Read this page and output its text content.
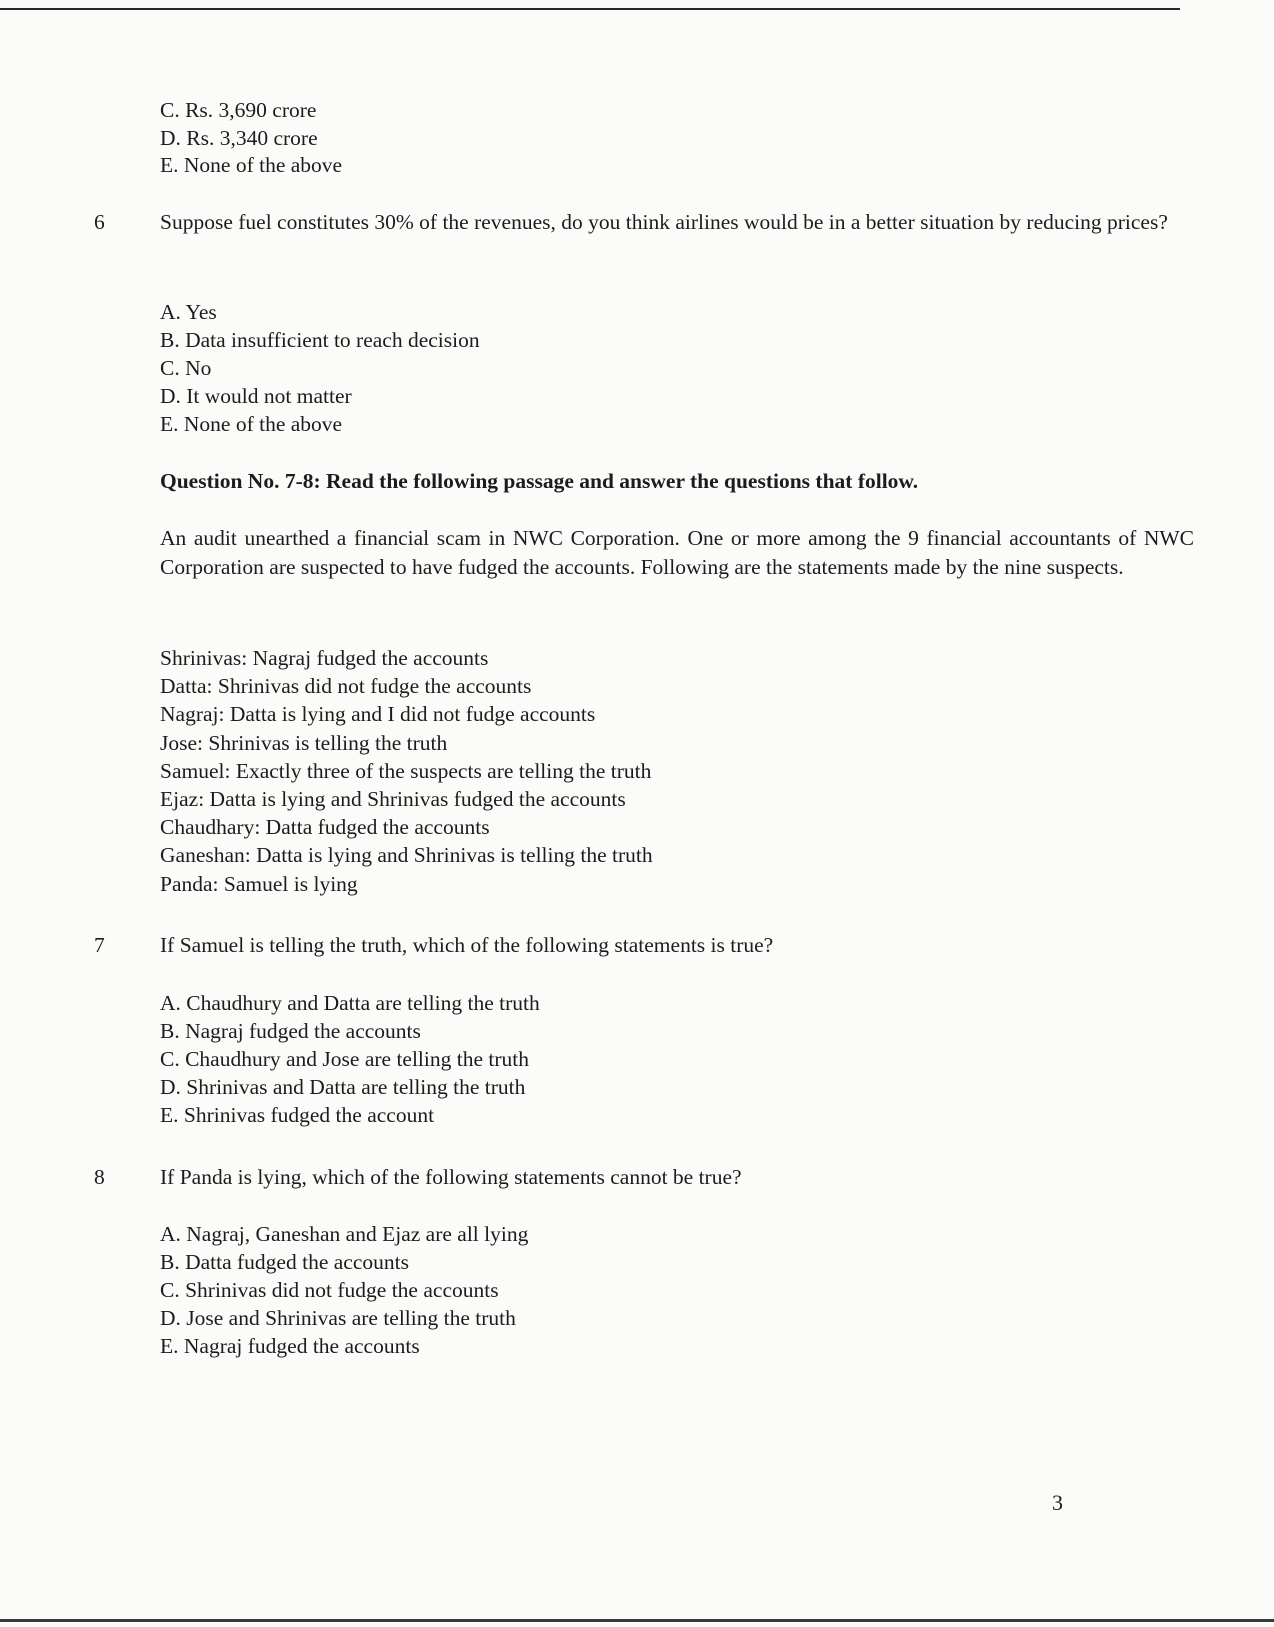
C. Rs. 3,690 crore
D. Rs. 3,340 crore
E. None of the above
6	Suppose fuel constitutes 30% of the revenues, do you think airlines would be in a better situation by reducing prices?
A. Yes
B. Data insufficient to reach decision
C. No
D. It would not matter
E. None of the above
Question No. 7-8: Read the following passage and answer the questions that follow.
An audit unearthed a financial scam in NWC Corporation. One or more among the 9 financial accountants of NWC Corporation are suspected to have fudged the accounts. Following are the statements made by the nine suspects.
Shrinivas: Nagraj fudged the accounts
Datta: Shrinivas did not fudge the accounts
Nagraj: Datta is lying and I did not fudge accounts
Jose: Shrinivas is telling the truth
Samuel: Exactly three of the suspects are telling the truth
Ejaz: Datta is lying and Shrinivas fudged the accounts
Chaudhary: Datta fudged the accounts
Ganeshan: Datta is lying and Shrinivas is telling the truth
Panda: Samuel is lying
7	If Samuel is telling the truth, which of the following statements is true?
A. Chaudhury and Datta are telling the truth
B. Nagraj fudged the accounts
C. Chaudhury and Jose are telling the truth
D. Shrinivas and Datta are telling the truth
E. Shrinivas fudged the account
8	If Panda is lying, which of the following statements cannot be true?
A. Nagraj, Ganeshan and Ejaz are all lying
B. Datta fudged the accounts
C. Shrinivas did not fudge the accounts
D. Jose and Shrinivas are telling the truth
E. Nagraj fudged the accounts
3
